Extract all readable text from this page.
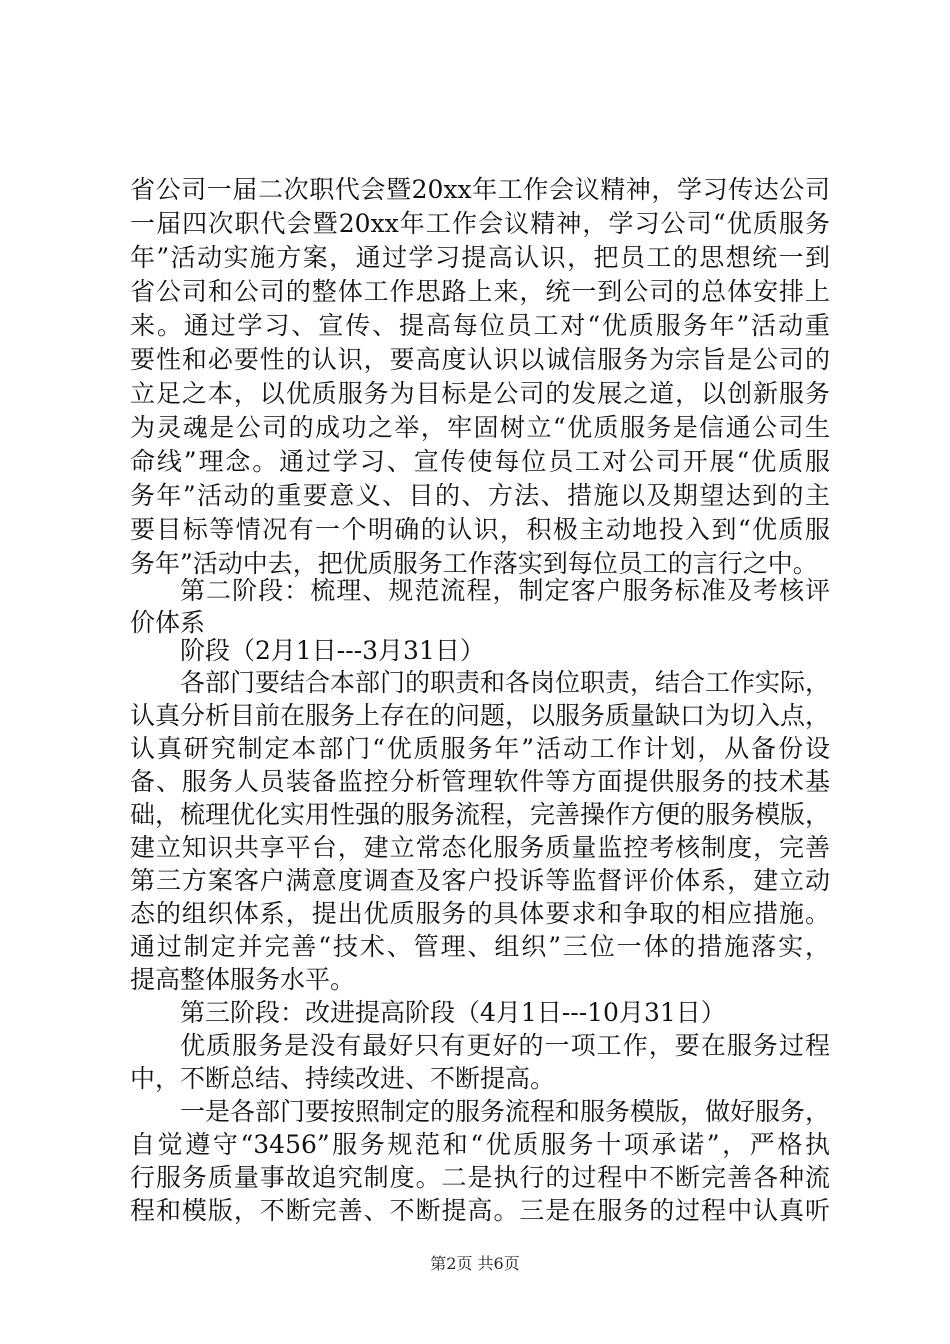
省公司一届二次职代会暨20xx年工作会议精神，学习传达公司
一届四次职代会暨20xx年工作会议精神，学习公司“优质服务
年”活动实施方案，通过学习提高认识，把员工的思想统一到
省公司和公司的整体工作思路上来，统一到公司的总体安排上
来。通过学习、宣传、提高每位员工对“优质服务年”活动重
要性和必要性的认识，要高度认识以诚信服务为宗旨是公司的
立足之本，以优质服务为目标是公司的发展之道，以创新服务
为灵魂是公司的成功之举，牢固树立“优质服务是信通公司生
命线”理念。通过学习、宣传使每位员工对公司开展“优质服
务年”活动的重要意义、目的、方法、措施以及期望达到的主
要目标等情况有一个明确的认识，积极主动地投入到“优质服
务年”活动中去，把优质服务工作落实到每位员工的言行之中。
第二阶段：梳理、规范流程，制定客户服务标准及考核评
价体系
阶段（2月1日---3月31日）
各部门要结合本部门的职责和各岗位职责，结合工作实际，
认真分析目前在服务上存在的问题，以服务质量缺口为切入点，
认真研究制定本部门“优质服务年”活动工作计划，从备份设
备、服务人员装备监控分析管理软件等方面提供服务的技术基
础，梳理优化实用性强的服务流程，完善操作方便的服务模版，
建立知识共享平台，建立常态化服务质量监控考核制度，完善
第三方案客户满意度调查及客户投诉等监督评价体系，建立动
态的组织体系，提出优质服务的具体要求和争取的相应措施。
通过制定并完善“技术、管理、组织”三位一体的措施落实，
提高整体服务水平。
第三阶段：改进提高阶段（4月1日---10月31日）
优质服务是没有最好只有更好的一项工作，要在服务过程
中，不断总结、持续改进、不断提高。
一是各部门要按照制定的服务流程和服务模版，做好服务，
自觉遵守“3456”服务规范和“优质服务十项承诺”，严格执
行服务质量事故追究制度。二是执行的过程中不断完善各种流
程和模版，不断完善、不断提高。三是在服务的过程中认真听
第2页 共6页
